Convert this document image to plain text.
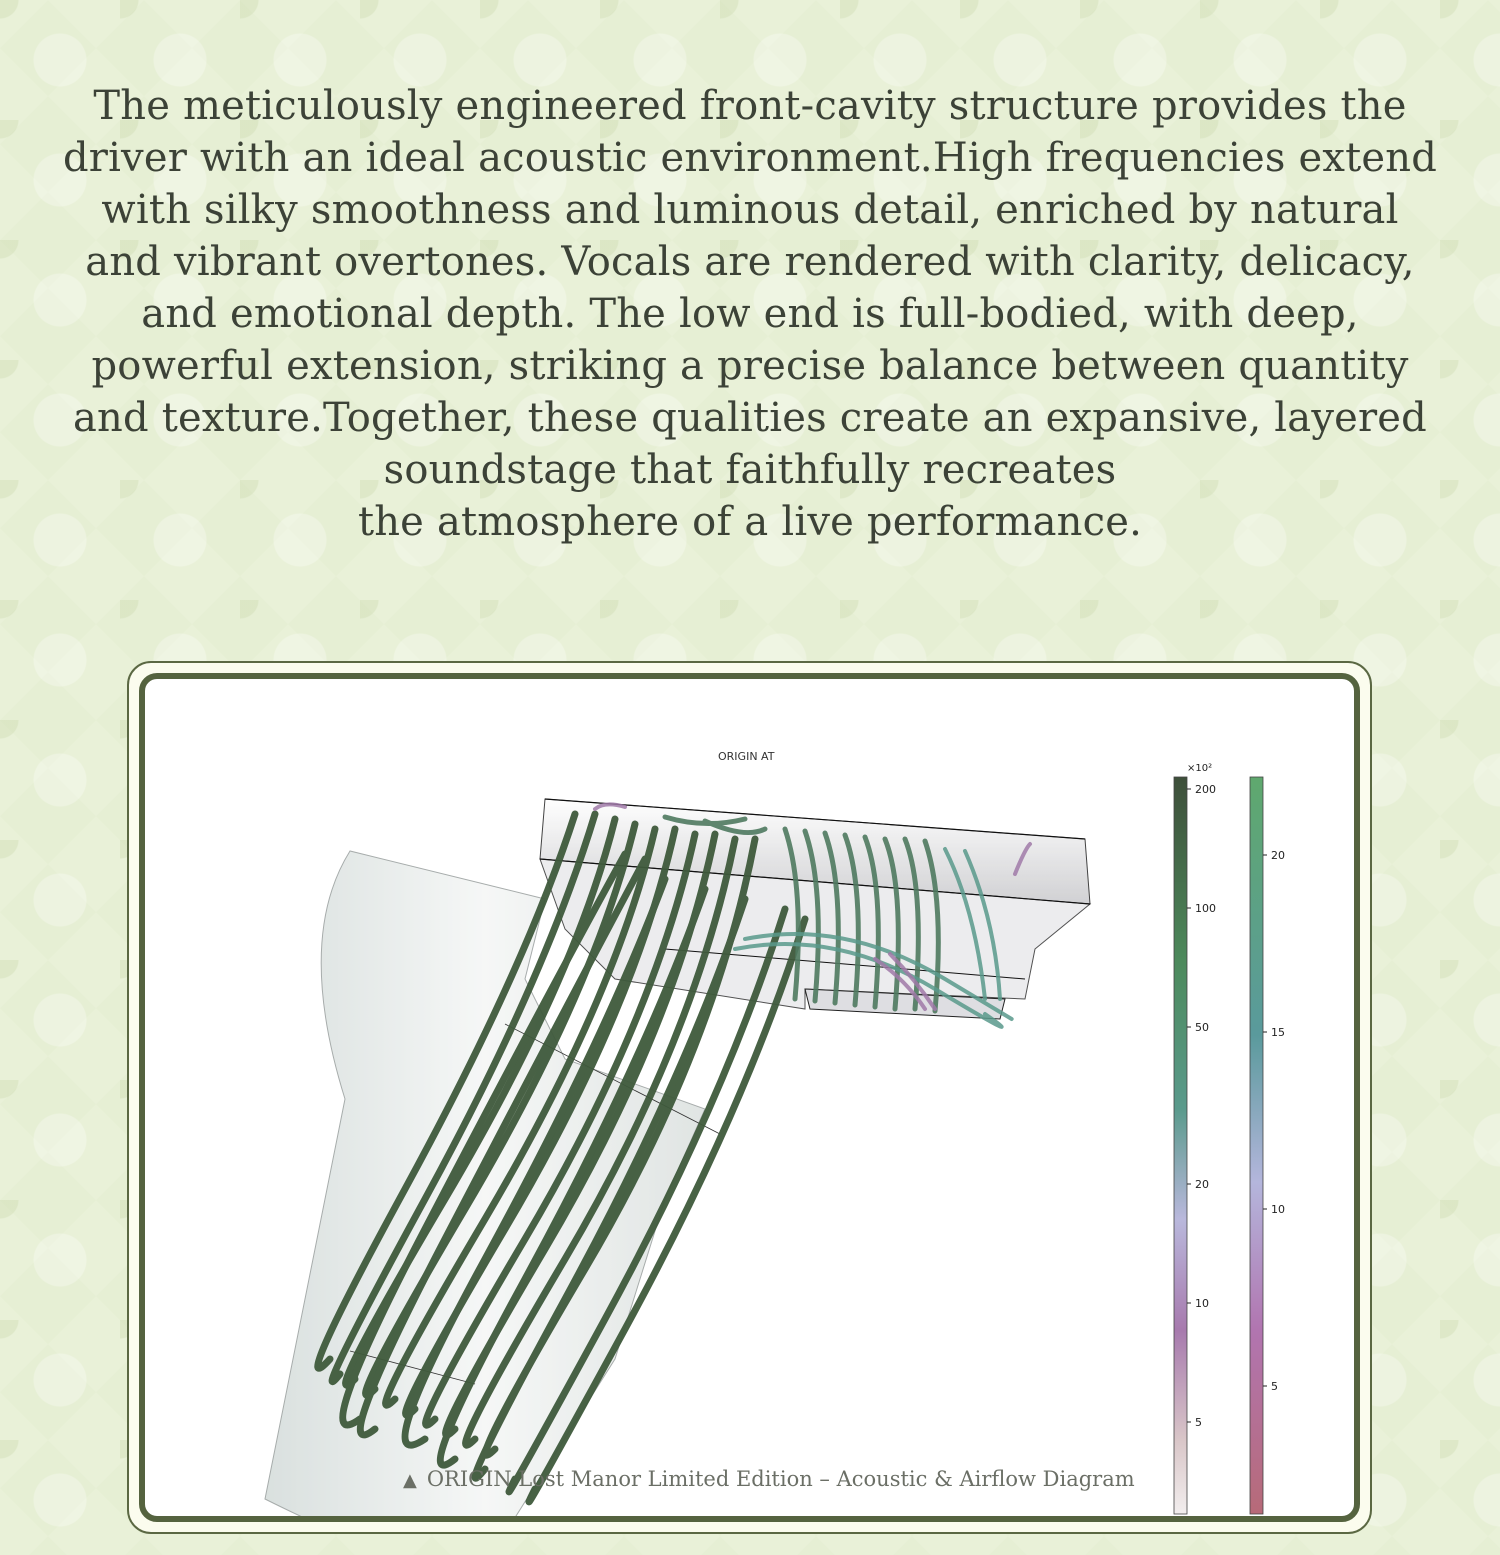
The meticulously engineered front-cavity structure provides the
driver with an ideal acoustic environment.High frequencies extend
with silky smoothness and luminous detail, enriched by natural
and vibrant overtones. Vocals are rendered with clarity, delicacy,
and emotional depth. The low end is full-bodied, with deep,
powerful extension, striking a precise balance between quantity
and texture.Together, these qualities create an expansive, layered
soundstage that faithfully recreates
the atmosphere of a live performance.
ORIGIN AT
×10²
200
100
50
20
10
5
20
15
10
5
▲ ORIGIN Lost Manor Limited Edition – Acoustic & Airflow Diagram
